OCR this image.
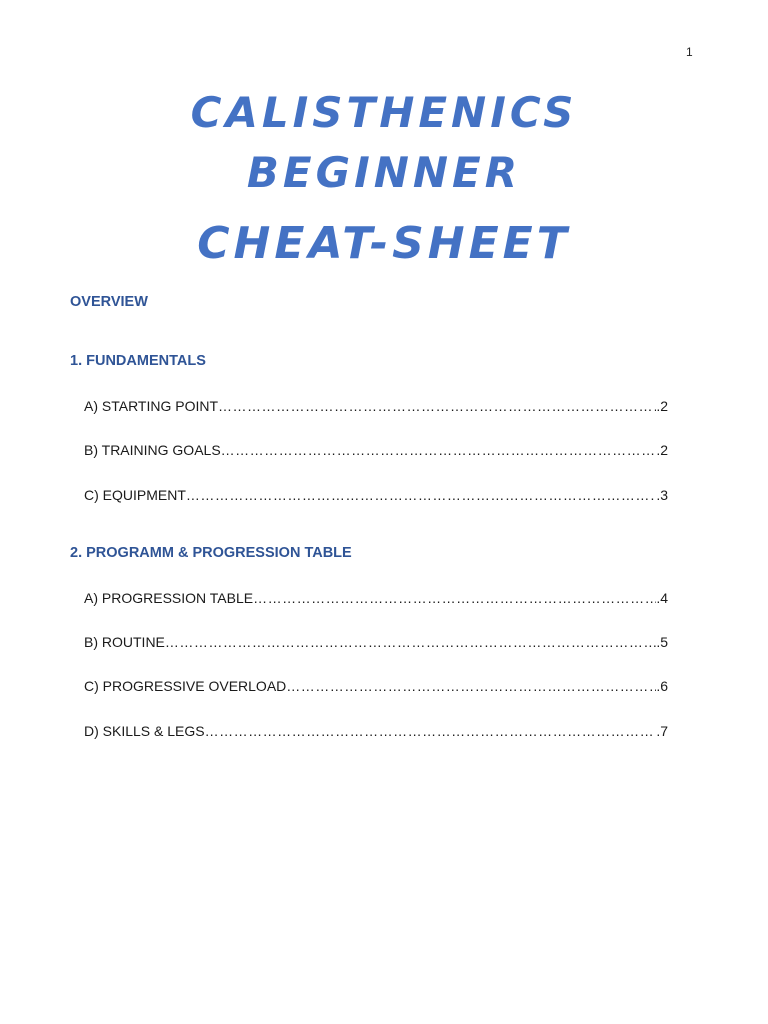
1
CALISTHENICS
BEGINNER
CHEAT-SHEET
OVERVIEW
1. FUNDAMENTALS
A) STARTING POINT ……………………………………………………………………………………………………………………………………………………………………………………………	.2
B) TRAINING GOALS ……………………………………………………………………………………………………………………………………………………………………………………………	.2
C) EQUIPMENT ……………………………………………………………………………………………………………………………………………………………………………………………	.3
2. PROGRAMM & PROGRESSION TABLE
A) PROGRESSION TABLE ……………………………………………………………………………………………………………………………………………………………………………………………	.4
B) ROUTINE ……………………………………………………………………………………………………………………………………………………………………………………………	.5
C) PROGRESSIVE OVERLOAD ……………………………………………………………………………………………………………………………………………………………………………………………	.6
D) SKILLS & LEGS ……………………………………………………………………………………………………………………………………………………………………………………………	.7
